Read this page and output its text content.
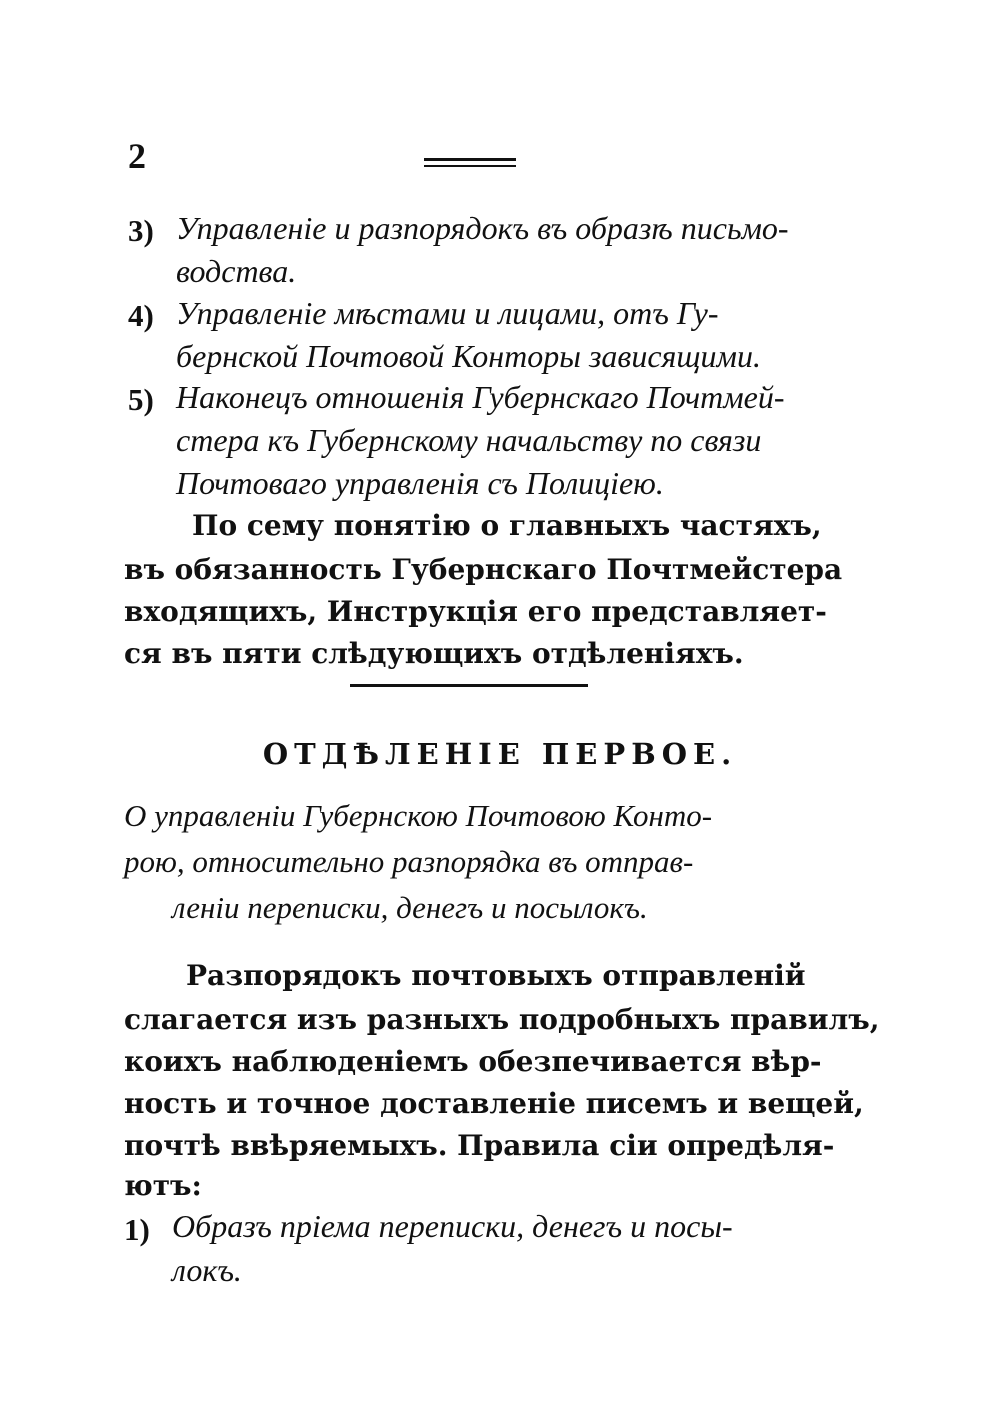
2
3) Управленіе и разпорядокъ въ образѣ письмо-
водства.
4) Управленіе мѣстами и лицами, отъ Гу-
бернской Почтовой Конторы зависящими.
5) Наконецъ отношенія Губернскаго Почтмей-
стера къ Губернскому начальству по связи
Почтоваго управленія съ Полиціею.
По сему понятію о главныхъ частяхъ,
въ обязанность Губернскаго Почтмейстера
входящихъ, Инструкція его представляет-
ся въ пяти слѣдующихъ отдѣленіяхъ.
ОТДѢЛЕНІЕ ПЕРВОЕ.
О управленіи Губернскою Почтовою Конто-
рою, относительно разпорядка въ отправ-
леніи переписки, денегъ и посылокъ.
Разпорядокъ почтовыхъ отправленій
слагается изъ разныхъ подробныхъ правилъ,
коихъ наблюденіемъ обезпечивается вѣр-
ность и точное доставленіе писемъ и вещей,
почтѣ ввѣряемыхъ. Правила сіи опредѣля-
ютъ:
1) Образъ пріема переписки, денегъ и посы-
локъ.
